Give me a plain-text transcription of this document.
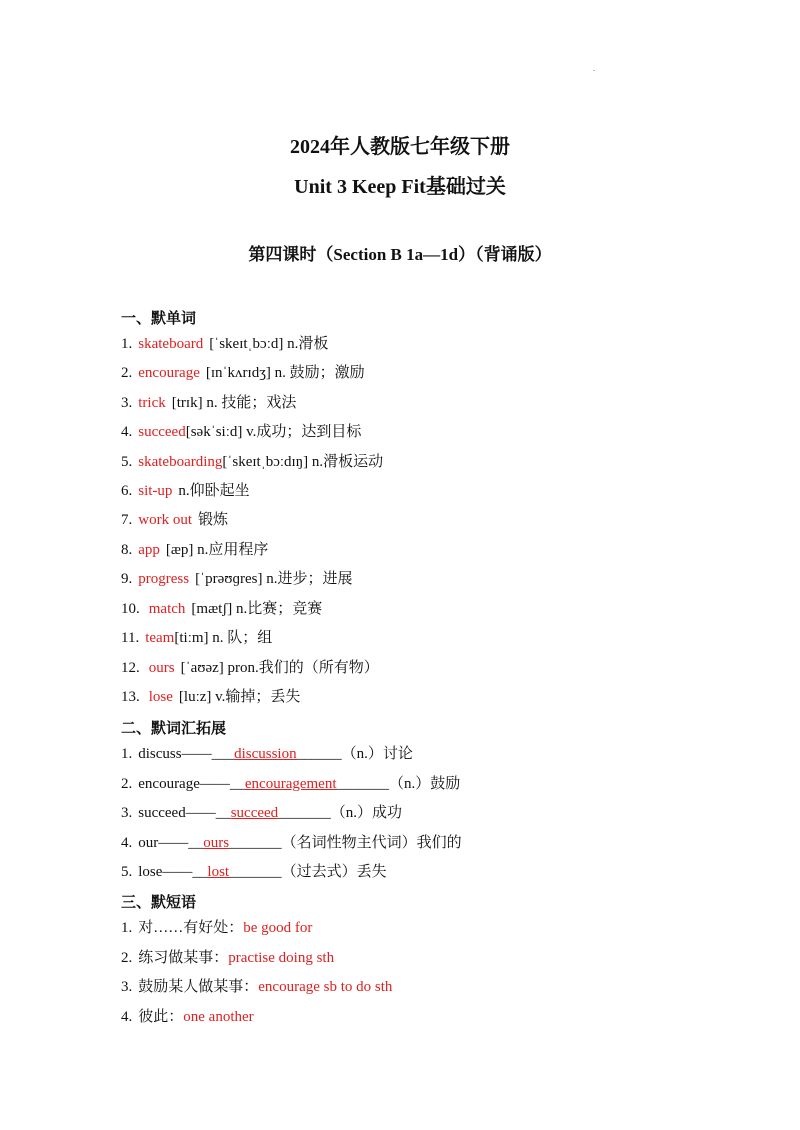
.
2024年人教版七年级下册
Unit 3 Keep Fit基础过关
第四课时（Section B 1a—1d）（背诵版）
一、默单词
1. skateboard [ˈskeɪtˌbɔːd] n.滑板
2. encourage [ɪnˈkʌrɪdʒ] n. 鼓励；激励
3. trick [trɪk] n. 技能；戏法
4. succeed[səkˈsiːd] v.成功；达到目标
5. skateboarding[ˈskeɪtˌbɔːdɪŋ] n.滑板运动
6. sit-up n.仰卧起坐
7. work out 锻炼
8. app [æp] n.应用程序
9. progress [ˈprəʊɡres] n.进步；进展
10. match [mætʃ] n.比赛；竞赛
11. team[tiːm] n. 队；组
12. ours [ˈaʊəz] pron.我们的（所有物）
13. lose [luːz] v.输掉；丢失
二、默词汇拓展
1. discuss——___discussion______（n.）讨论
2. encourage——__encouragement_______（n.）鼓励
3. succeed——__succeed_______（n.）成功
4. our——__ours_______（名词性物主代词）我们的
5. lose——__lost_______（过去式）丢失
三、默短语
1. 对……有好处：be good for
2. 练习做某事：practise doing sth
3. 鼓励某人做某事：encourage sb to do sth
4. 彼此：one another
